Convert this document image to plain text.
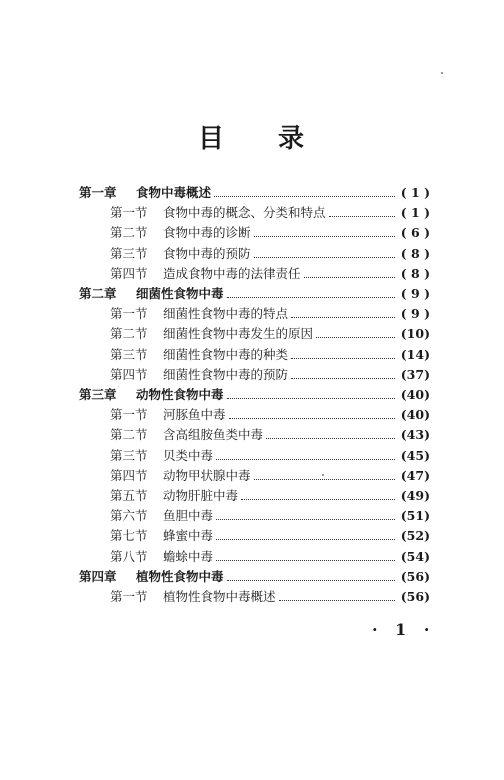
目 录
第一章	食物中毒概述	( 1 )
第一节	食物中毒的概念、分类和特点	( 1 )
第二节	食物中毒的诊断	( 6 )
第三节	食物中毒的预防	( 8 )
第四节	造成食物中毒的法律责任	( 8 )
第二章	细菌性食物中毒	( 9 )
第一节	细菌性食物中毒的特点	( 9 )
第二节	细菌性食物中毒发生的原因	(10)
第三节	细菌性食物中毒的种类	(14)
第四节	细菌性食物中毒的预防	(37)
第三章	动物性食物中毒	(40)
第一节	河豚鱼中毒	(40)
第二节	含高组胺鱼类中毒	(43)
第三节	贝类中毒	(45)
第四节	动物甲状腺中毒	(47)
第五节	动物肝脏中毒	(49)
第六节	鱼胆中毒	(51)
第七节	蜂蜜中毒	(52)
第八节	蟾蜍中毒	(54)
第四章	植物性食物中毒	(56)
第一节	植物性食物中毒概述	(56)
· 1 ·
